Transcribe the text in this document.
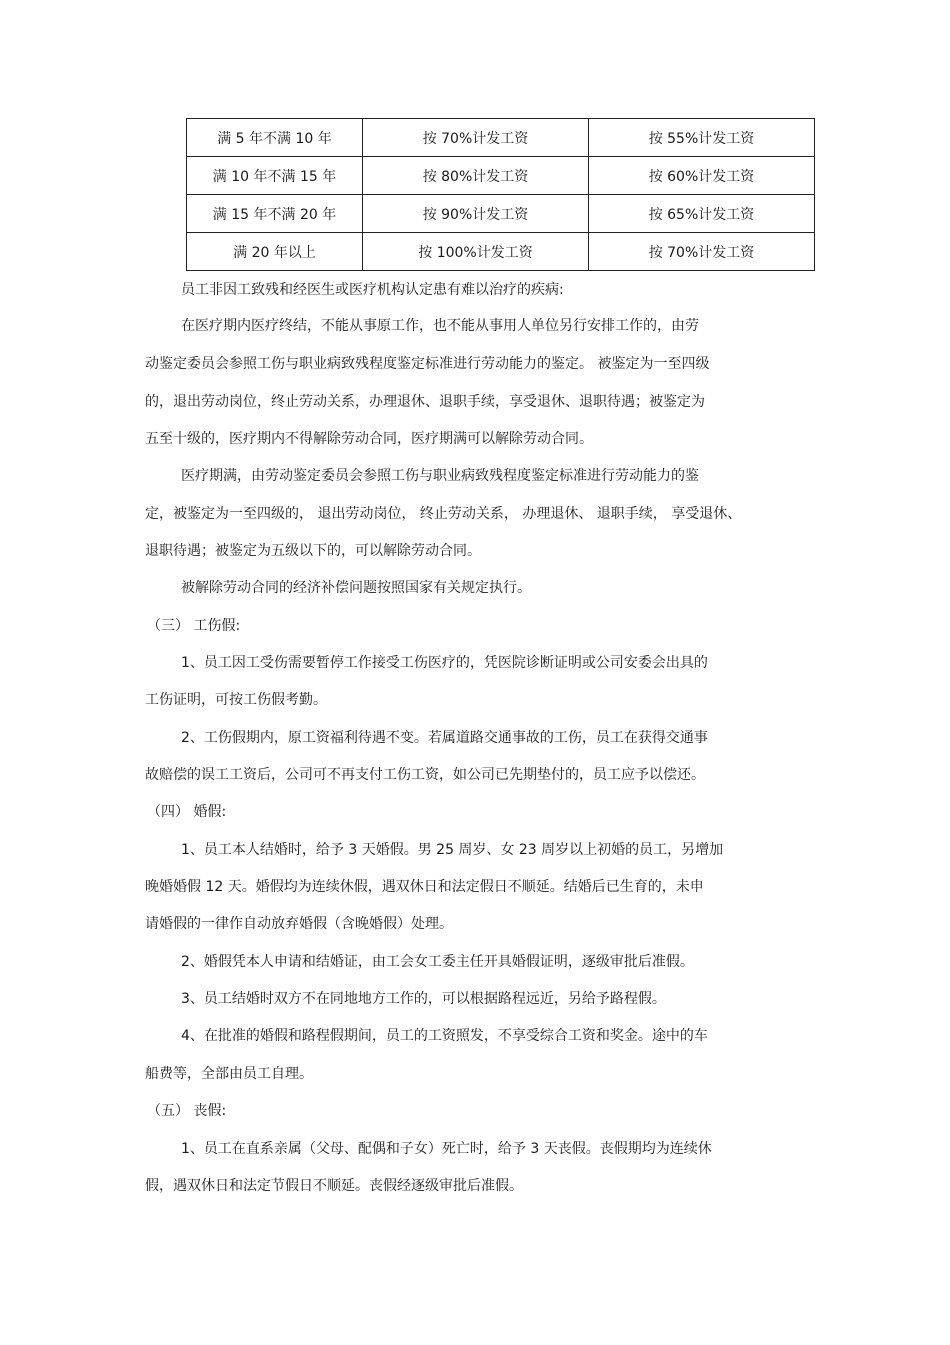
满 5 年不满 10 年	按 70%计发工资	按 55%计发工资
满 10 年不满 15 年	按 80%计发工资	按 60%计发工资
满 15 年不满 20 年	按 90%计发工资	按 65%计发工资
满 20 年以上	按 100%计发工资	按 70%计发工资
员工非因工致残和经医生或医疗机构认定患有难以治疗的疾病:
在医疗期内医疗终结，不能从事原工作，也不能从事用人单位另行安排工作的，由劳
动鉴定委员会参照工伤与职业病致残程度鉴定标准进行劳动能力的鉴定。 被鉴定为一至四级
的，退出劳动岗位，终止劳动关系，办理退休、退职手续，享受退休、退职待遇；被鉴定为
五至十级的，医疗期内不得解除劳动合同，医疗期满可以解除劳动合同。
医疗期满，由劳动鉴定委员会参照工伤与职业病致残程度鉴定标准进行劳动能力的鉴
定，被鉴定为一至四级的， 退出劳动岗位， 终止劳动关系， 办理退休、 退职手续， 享受退休、
退职待遇；被鉴定为五级以下的，可以解除劳动合同。
被解除劳动合同的经济补偿问题按照国家有关规定执行。
（三） 工伤假:
1、员工因工受伤需要暂停工作接受工伤医疗的，凭医院诊断证明或公司安委会出具的
工伤证明，可按工伤假考勤。
2、工伤假期内，原工资福利待遇不变。若属道路交通事故的工伤，员工在获得交通事
故赔偿的误工工资后，公司可不再支付工伤工资，如公司已先期垫付的，员工应予以偿还。
（四） 婚假:
1、员工本人结婚时，给予 3 天婚假。男 25 周岁、女 23 周岁以上初婚的员工，另增加
晚婚婚假 12 天。婚假均为连续休假，遇双休日和法定假日不顺延。结婚后已生育的，未申
请婚假的一律作自动放弃婚假（含晚婚假）处理。
2、婚假凭本人申请和结婚证，由工会女工委主任开具婚假证明，逐级审批后准假。
3、员工结婚时双方不在同地地方工作的，可以根据路程远近，另给予路程假。
4、在批准的婚假和路程假期间，员工的工资照发，不享受综合工资和奖金。途中的车
船费等，全部由员工自理。
（五） 丧假:
1、员工在直系亲属（父母、配偶和子女）死亡时，给予 3 天丧假。丧假期均为连续休
假，遇双休日和法定节假日不顺延。丧假经逐级审批后准假。
